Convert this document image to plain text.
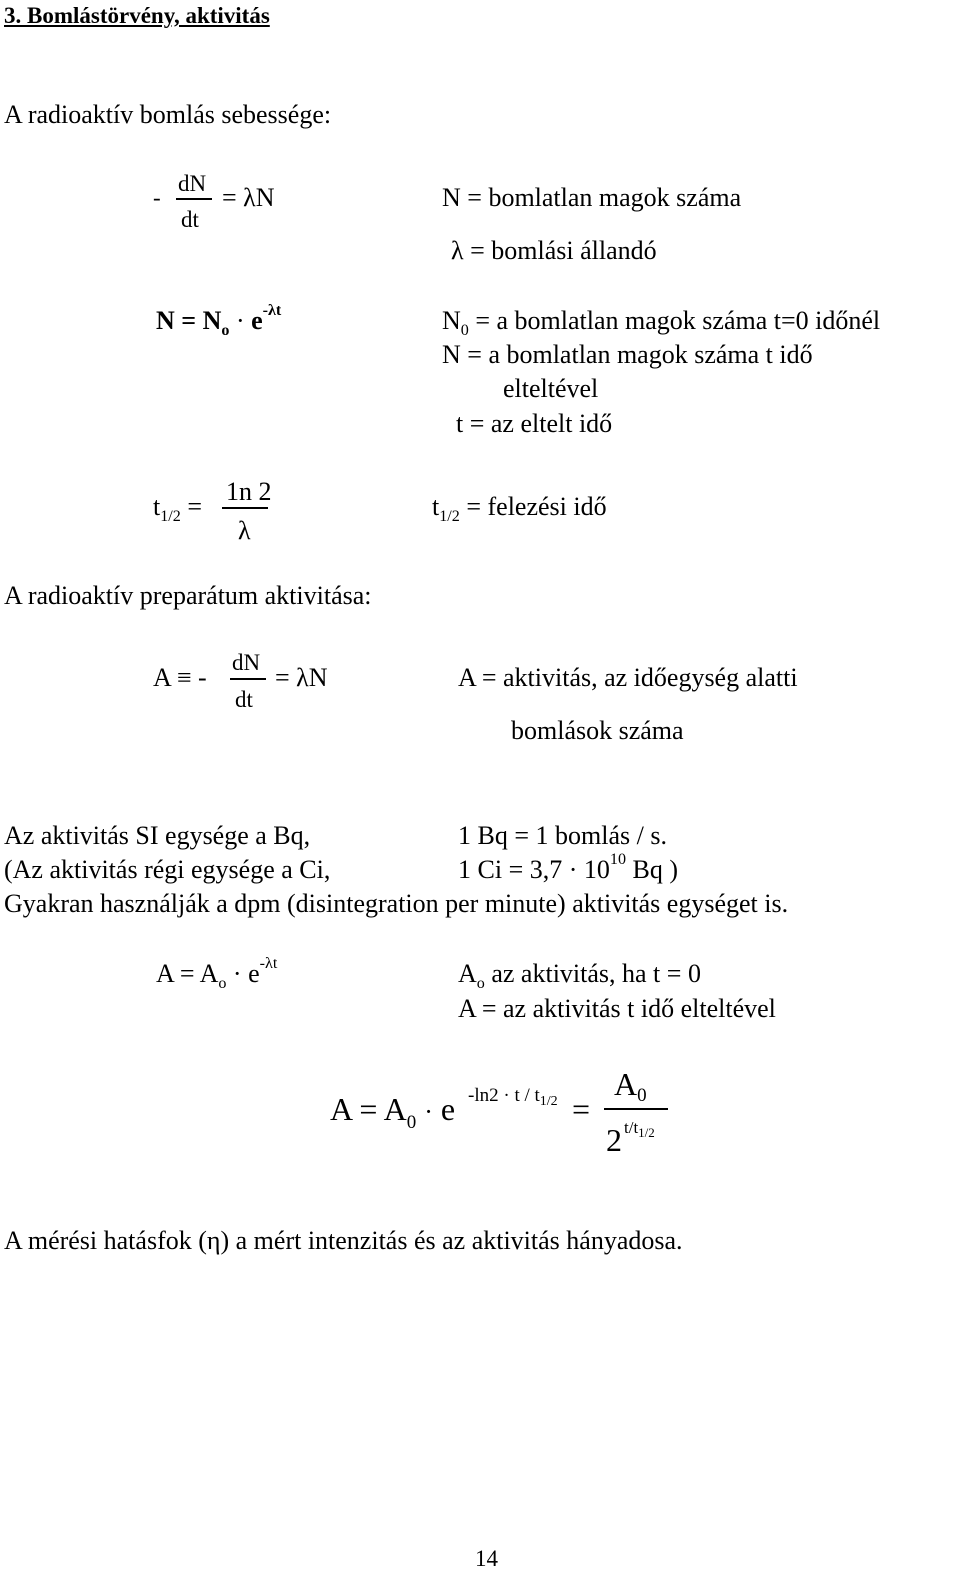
3. Bomlástörvény, aktivitás
A radioaktív bomlás sebessége:
-
dN
dt
= λN	N = bomlatlan magok száma
λ = bomlási állandó
$N = N_o \cdot e^{-\lambda t}$	$N_0 = a$ bomlatlan magok száma t=0 időnél
N = a bomlatlan magok száma t idő
elteltével
t = az eltelt idő
$t_{1/2}$ =
1n 2
λ
$t_{1/2}$ = felezési idő
A radioaktív preparátum aktivitása:
A ≡ -
dN
dt
= λN	A = aktivitás, az időegység alatti
bomlások száma
Az aktivitás SI egysége a Bq,	1 Bq = 1 bomlás / s.
(Az aktivitás régi egysége a Ci,	1 $Ci = 3,7 \cdot 10^{10}$ Bq )
Gyakran használják a dpm (disintegration per minute) aktivitás egységet is.
$A = A_o \cdot e^{-\lambda t}$	$A_o$ az aktivitás, ha t = 0
A = az aktivitás t idő elteltével
$A = A_0 \cdot e$ $-\ln 2 \cdot t / t_{1/2}$ =
A0
2 $t/t_{1/2}$
A mérési hatásfok (η) a mért intenzitás és az aktivitás hányadosa.
14
